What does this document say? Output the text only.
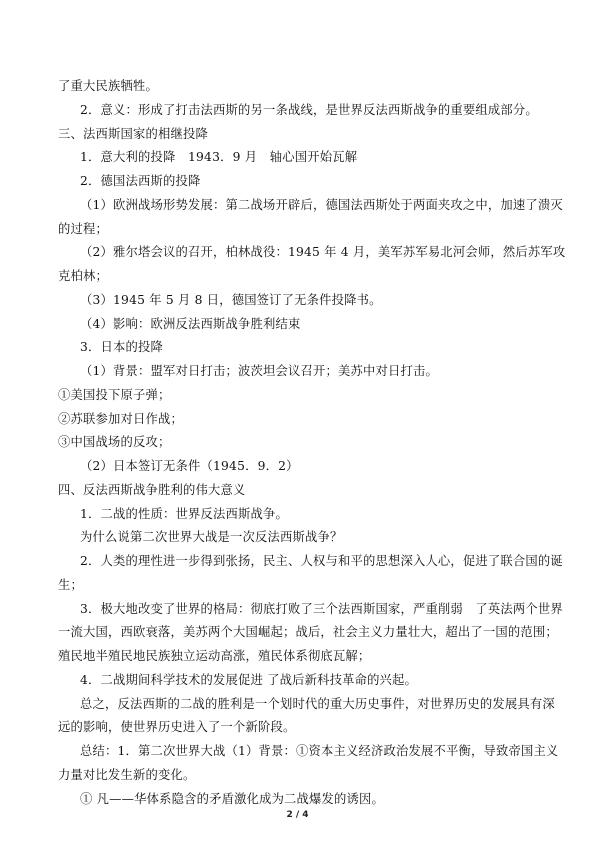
了重大民族牺牲。
2．意义：形成了打击法西斯的另一条战线，是世界反法西斯战争的重要组成部分。
三、法西斯国家的相继投降
1．意大利的投降　1943．9 月　轴心国开始瓦解
2．德国法西斯的投降
（1）欧洲战场形势发展：第二战场开辟后，德国法西斯处于两面夹攻之中，加速了溃灭
的过程；
（2）雅尔塔会议的召开，柏林战役：1945 年 4 月，美军苏军易北河会师，然后苏军攻
克柏林；
（3）1945 年 5 月 8 日，德国签订了无条件投降书。
（4）影响：欧洲反法西斯战争胜利结束
3．日本的投降
（1）背景：盟军对日打击；波茨坦会议召开；美苏中对日打击。
①美国投下原子弹；
②苏联参加对日作战；
③中国战场的反攻；
（2）日本签订无条件（1945．9．2）
四、反法西斯战争胜利的伟大意义
1．二战的性质：世界反法西斯战争。
为什么说第二次世界大战是一次反法西斯战争？
2．人类的理性进一步得到张扬，民主、人权与和平的思想深入人心，促进了联合国的诞
生；
3．极大地改变了世界的格局：彻底打败了三个法西斯国家，严重削弱　了英法两个世界
一流大国，西欧衰落，美苏两个大国崛起；战后，社会主义力量壮大，超出了一国的范围；
殖民地半殖民地民族独立运动高涨，殖民体系彻底瓦解；
4．二战期间科学技术的发展促进 了战后新科技革命的兴起。
总之，反法西斯的二战的胜利是一个划时代的重大历史事件，对世界历史的发展具有深
远的影响，使世界历史进入了一个新阶段。
总结：1．第二次世界大战（1）背景：①资本主义经济政治发展不平衡，导致帝国主义
力量对比发生新的变化。
① 凡——华体系隐含的矛盾激化成为二战爆发的诱因。
2 / 4
